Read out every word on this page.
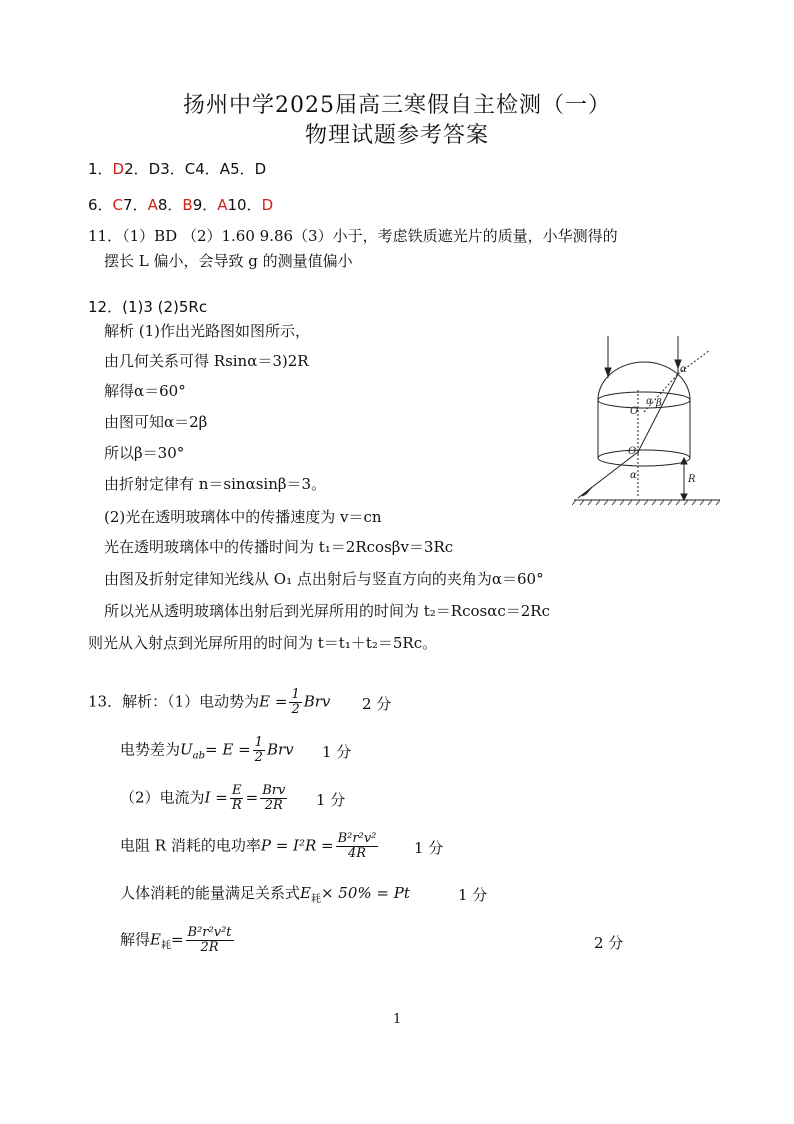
扬州中学2025届高三寒假自主检测（一）
物理试题参考答案
1．D2．D3．C4．A5．D
6．C7．A8．B9．A10．D
11．（1）BD （2）1.60 9.86（3）小于，考虑铁质遮光片的质量，小华测得的
摆长 L 偏小，会导致 g 的测量值偏小
12．(1)3 (2)5Rc
解析 (1)作出光路图如图所示，
由几何关系可得 Rsinα＝3)2R
解得α＝60°
由图可知α＝2β
所以β＝30°
由折射定律有 n＝sinαsinβ＝3。
(2)光在透明玻璃体中的传播速度为 v＝cn
光在透明玻璃体中的传播时间为 t₁＝2Rcosβv＝3Rc
由图及折射定律知光线从 O₁ 点出射后与竖直方向的夹角为α＝60°
所以光从透明玻璃体出射后到光屏所用的时间为 t₂＝Rcosαc＝2Rc
则光从入射点到光屏所用的时间为 t＝t₁＋t₂＝5Rc。
α
α β
O
O₁
α	R
13．解析：（1）电动势为$E = \frac{1}{2}$ Brv 2 分
电势差为$U_{ab}= E = \frac{1}{2}$ Brv 1 分
（2）电流为$I = \frac{E}{R} = \frac{\text{Brv}}{2R} 1$ 分
电阻 R 消耗的电功率$P = I^2R = \frac{\text{B²r²v²}}{4R} 1$ 分
人体消耗的能量满足关系式$E_耗\times 50\% = Pt$	1 分
解得$E_耗= \frac{\text{B²r²v²t}}{2R}$	2 分
1
